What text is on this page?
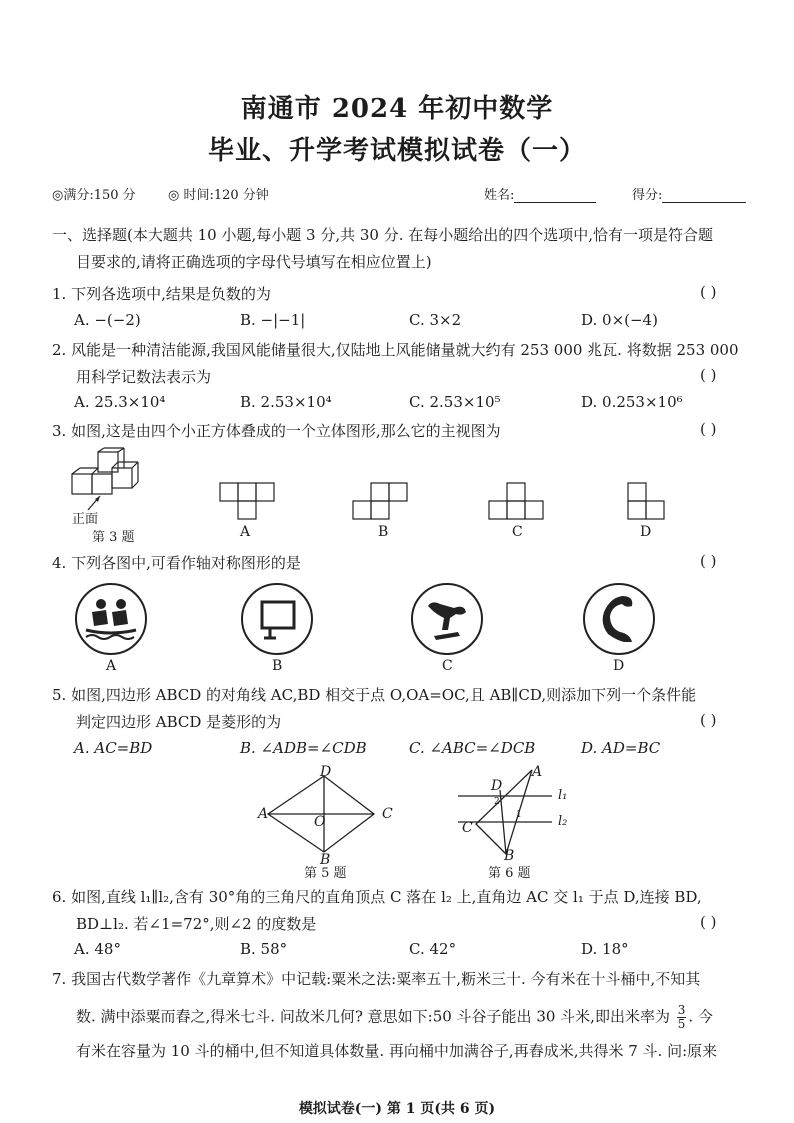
南通市 2024 年初中数学
毕业、升学考试模拟试卷（一）
◎满分:150 分 ◎ 时间:120 分钟	姓名:	得分:
一、选择题(本大题共 10 小题,每小题 3 分,共 30 分. 在每小题给出的四个选项中,恰有一项是符合题
目要求的,请将正确选项的字母代号填写在相应位置上)
1. 下列各选项中,结果是负数的为	( )
A. −(−2)	B. −|−1|	C. 3×2	D. 0×(−4)
2. 风能是一种清洁能源,我国风能储量很大,仅陆地上风能储量就大约有 253 000 兆瓦. 将数据 253 000
用科学记数法表示为	( )
A. 25.3×10⁴	B. 2.53×10⁴	C. 2.53×10⁵	D. 0.253×10⁶
3. 如图,这是由四个小正方体叠成的一个立体图形,那么它的主视图为	( )
正面
第 3 题	A	B	C	D
4. 下列各图中,可看作轴对称图形的是	( )
A	B	C	D
5. 如图,四边形 ABCD 的对角线 AC,BD 相交于点 O,OA=OC,且 AB∥CD,则添加下列一个条件能
判定四边形 ABCD 是菱形的为	( )
A. AC=BD	B. ∠ADB=∠CDB	C. ∠ABC=∠DCB	D. AD=BC
A
B
C
D
O
第 5 题
A
B
C
D
l₁
l₂
1
2
第 6 题
6. 如图,直线 l₁∥l₂,含有 30°角的三角尺的直角顶点 C 落在 l₂ 上,直角边 AC 交 l₁ 于点 D,连接 BD,
BD⊥l₂. 若∠1=72°,则∠2 的度数是	( )
A. 48°	B. 58°	C. 42°	D. 18°
7. 我国古代数学著作《九章算术》中记载:粟米之法:粟率五十,粝米三十. 今有米在十斗桶中,不知其
数. 满中添粟而舂之,得米七斗. 问故米几何? 意思如下:50 斗谷子能出 30 斗米,即出米率为 $\frac{3}{5}$ . 今
有米在容量为 10 斗的桶中,但不知道具体数量. 再向桶中加满谷子,再舂成米,共得米 7 斗. 问:原来
模拟试卷(一) 第 1 页(共 6 页)
